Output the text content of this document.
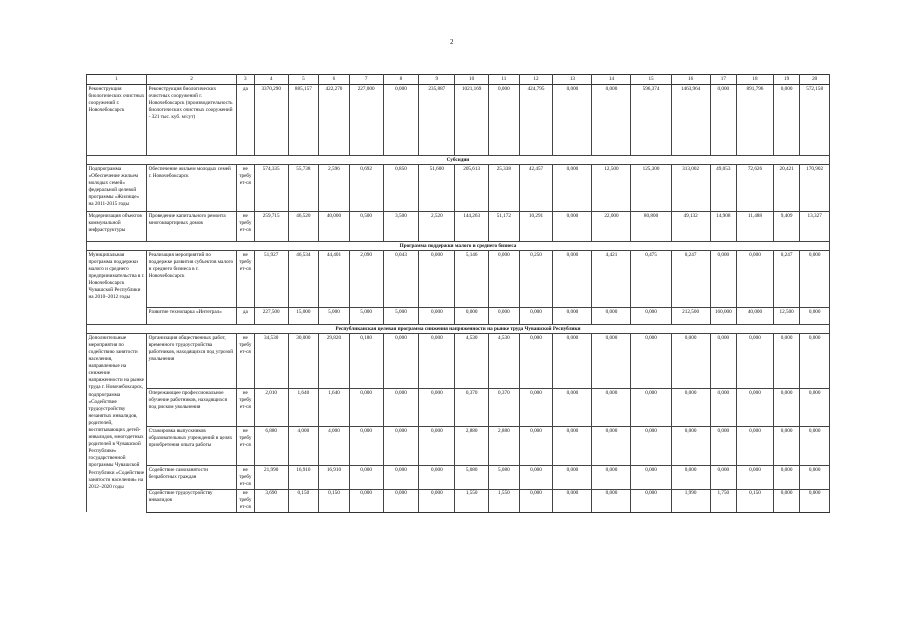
2
1	2	3	4	5	6	7	8	9	10	11	12	13	14	15	16	17	18	19	20
Реконструкция биологических очистных сооружений г. Новочебоксарск	Реконструкция биологических очистных сооружений г. Новочебоксарск (производительность биологических очистных сооружений - 321 тыс. куб. м/сут)	да	3370,290	885,157	422,270	227,000	0,000	235,887	1021,169	0,000	424,795	0,000	0,000	596,374	1463,964	0,000	891,796	0,000	572,158
Субсидии																			
Подпрограмма «Обеспечение жильем молодых семей» федеральной целевой программы «Жилище» на 2011-2015 годы	Обеспечение жильем молодых семей г. Новочебоксарск	не требует-ся	574,335	55,738	2,596	0,692	0,850	51,600	205,613	25,338	42,457	0,000	12,500	125,300	313,002	49,053	72,626	20,421	170,902
Модернизация объектов коммунальной инфраструктуры	Проведение капитального ремонта многоквартирных домов	не требует-ся	259,715	46,520	40,000	0,500	3,500	2,520	144,263	51,172	10,291	0,000	22,000	80,800	49,132	14,908	11,488	9,409	13,327
Программа поддержки малого и среднего бизнеса																			
Муниципальная программа поддержки малого и среднего предпринимательства в г. Новочебоксарск Чувашской Республики на 2010–2012 годы	Реализация мероприятий по поддержке развития субъектов малого и среднего бизнеса в г. Новочебоксарск	не требует-ся	51,927	46,534	44,401	2,090	0,043	0,000	5,146	0,000	0,250	0,000	4,421	0,475	0,247	0,000	0,000	0,247	0,000
	Развитие технопарка «Интеграл»	да	227,500	15,000	5,000	5,000	5,000	0,000	0,000	0,000	0,000	0,000	0,000	0,000	212,500	160,000	40,000	12,500	0,000
Республиканская целевая программа снижения напряженности на рынке труда Чувашской Республики																			
Дополнительные мероприятия по содействию занятости населения, направленные на снижение напряженности на рынке труда г. Новочебоксарск, подпрограмма «Содействие трудоустройству незанятых инвалидов, родителей, воспитывающих детей-инвалидов, многодетных родителей в Чувашской Республике» государственной программы Чувашской Республики «Содействие занятости населения» на 2012–2020 годы	Организация общественных работ, временного трудоустройства работников, находящихся под угрозой увольнения	не требует-ся	34,530	30,000	29,820	0,180	0,000	0,000	4,530	4,530	0,000	0,000	0,000	0,000	0,000	0,000	0,000	0,000	0,000
	Опережающее профессиональное обучение работников, находящихся под риском увольнения	не требует-ся	2,010	1,640	1,640	0,000	0,000	0,000	0,370	0,370	0,000	0,000	0,000	0,000	0,000	0,000	0,000	0,000	0,000
	Стажировка выпускников образовательных учреждений в целях приобретения опыта работы	не требует-ся	6,880	4,000	4,000	0,000	0,000	0,000	2,880	2,880	0,000	0,000	0,000	0,000	0,000	0,000	0,000	0,000	0,000
	Содействие самозанятости безработных граждан	не требует-ся	21,990	16,910	16,910	0,000	0,000	0,000	5,080	5,080	0,000	0,000	0,000	0,000	0,000	0,000	0,000	0,000	0,000
	Содействие трудоустройству инвалидов	не требует-ся	3,690	0,150	0,150	0,000	0,000	0,000	1,550	1,550	0,000	0,000	0,000	0,000	1,990	1,750	0,150	0,000	0,000
